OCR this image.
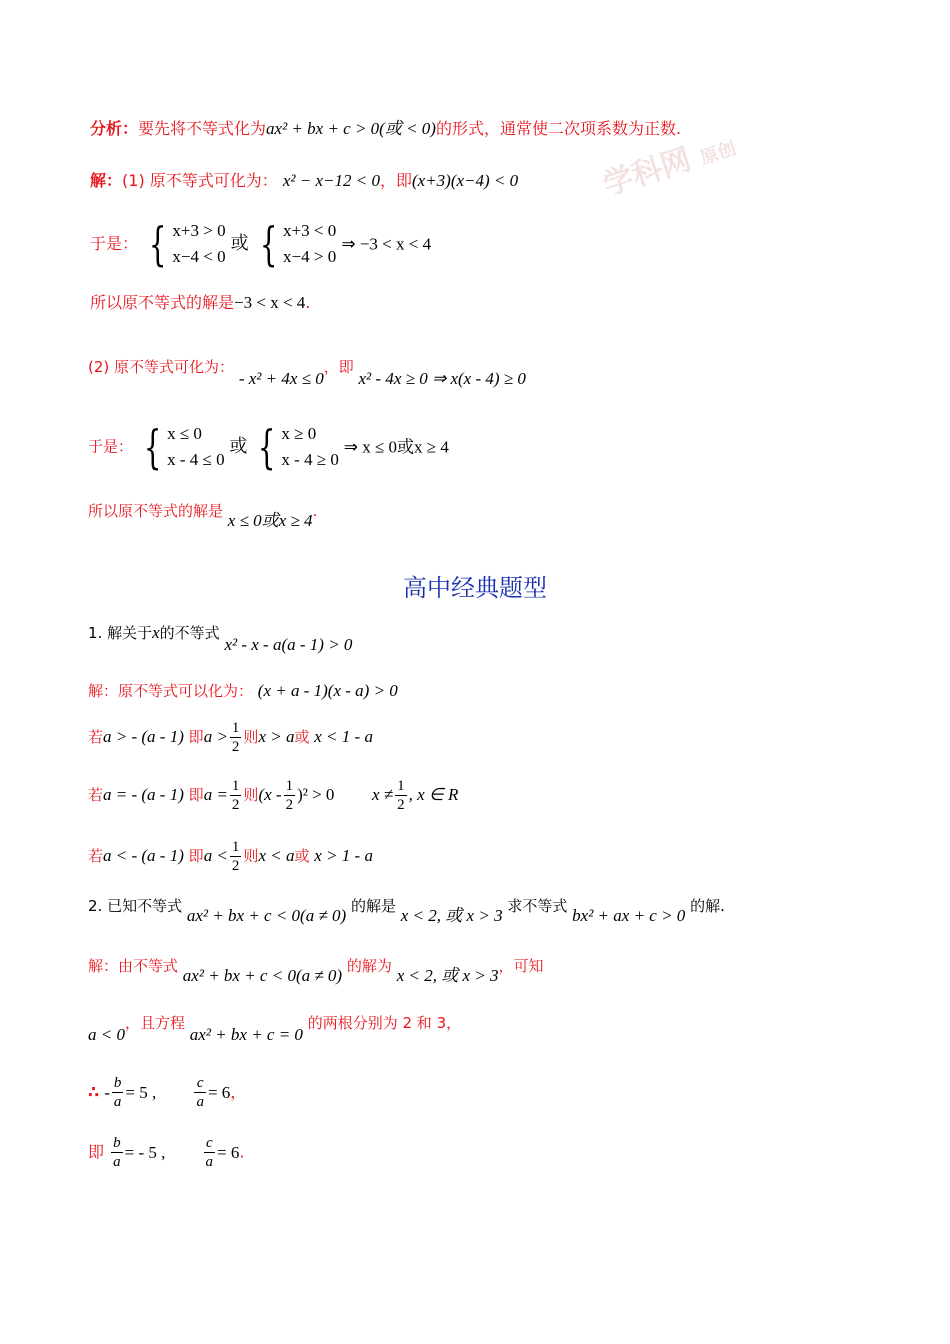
学科网 原创
分析：要先将不等式化为ax² + bx + c > 0(或 < 0)的形式，通常使二次项系数为正数.
解：(1) 原不等式可化为： x² − x−12 < 0，即(x+3)(x−4) < 0
于是： { x+3 > 0
x−4 < 0
或 { x+3 < 0
x−4 > 0
⇒ −3 < x < 4
所以原不等式的解是−3 < x < 4.
(2) 原不等式可化为： - x² + 4x ≤ 0，即 x² - 4x ≥ 0 ⇒ x(x - 4) ≥ 0
于是： { x ≤ 0
x - 4 ≤ 0
或 { x ≥ 0
x - 4 ≥ 0
⇒ x ≤ 0或x ≥ 4
所以原不等式的解是 x ≤ 0或x ≥ 4.
高中经典题型
1. 解关于x的不等式 x² - x - a(a - 1) > 0
解：原不等式可以化为： (x + a - 1)(x - a) > 0
若a > - (a - 1) 即$a > \frac{1}{2}$ 则x > a或 x < 1 - a
若a = - (a - 1) 即$a = \frac{1}{2}$ 则$(x - \frac{1}{2} )^2 > 0$ $x \ne \frac{1}{2}$ , x ∈ R
若a < - (a - 1) 即$a < \frac{1}{2}$ 则x < a或 x > 1 - a
2. 已知不等式 ax² + bx + c < 0(a ≠ 0) 的解是 x < 2, 或 x > 3 求不等式 bx² + ax + c > 0 的解.
解：由不等式 ax² + bx + c < 0(a ≠ 0) 的解为 x < 2, 或 x > 3，可知
a < 0，且方程 ax² + bx + c = 0 的两根分别为 2 和 3，
∴ - $\frac{b}{a} = 5$ ,	$\frac{c}{a} = 6$，
即 $\frac{b}{a}$ = - 5 ,	$\frac{c}{a} = 6$.
